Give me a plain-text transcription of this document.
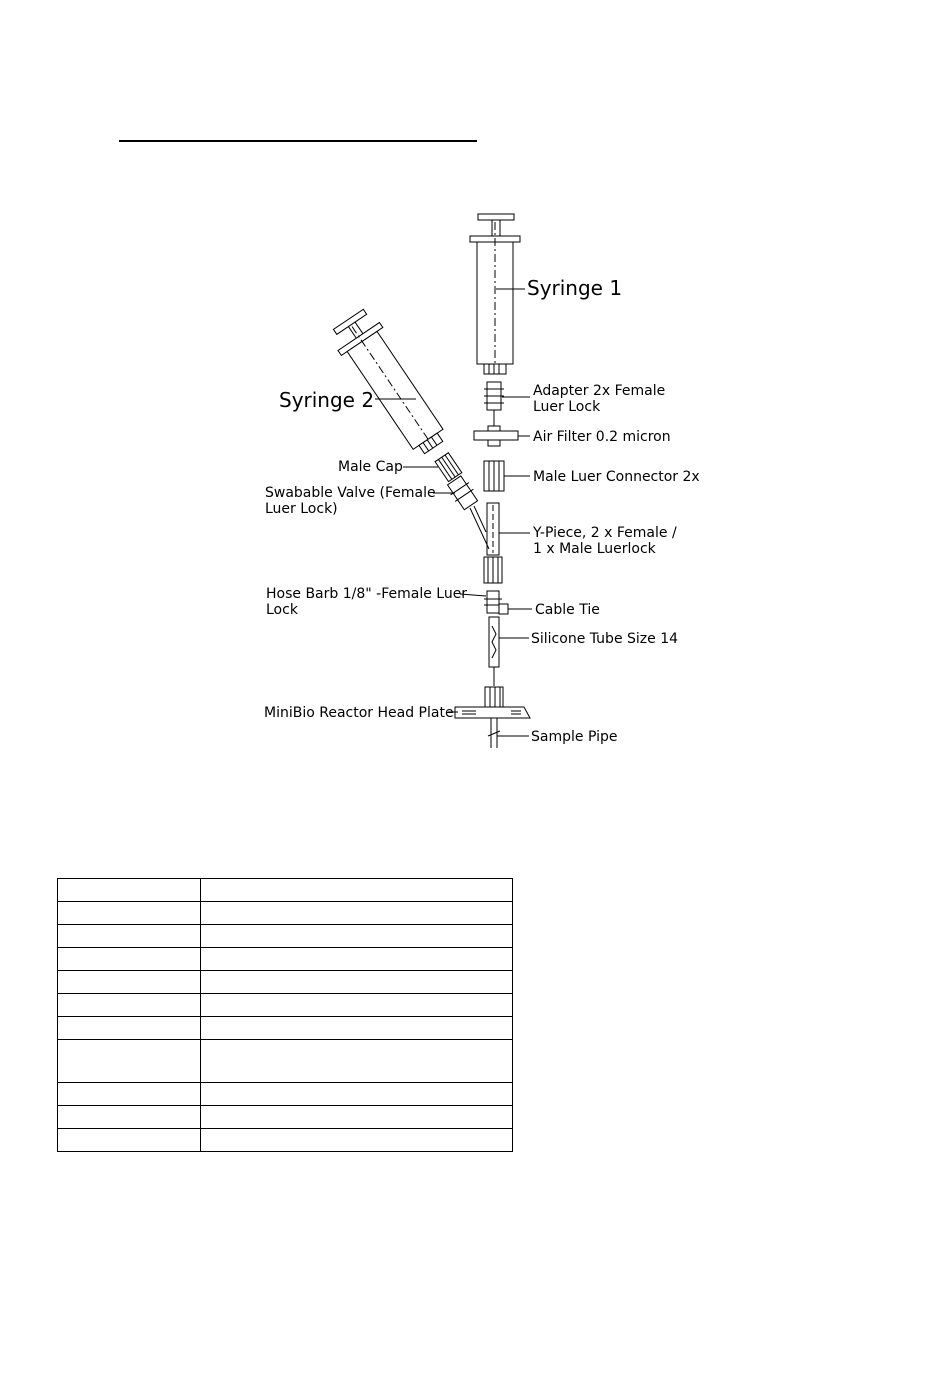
Syringe 1
Syringe 2	Adapter 2x Female
Luer Lock
Air Filter 0.2 micron
Male Cap
Male Luer Connector 2x
Swabable Valve (Female
Luer Lock)
Y-Piece, 2 x Female /
1 x Male Luerlock
Hose Barb 1/8" -Female Luer
Lock	Cable Tie
Silicone Tube Size 14
MiniBio Reactor Head Plate
Sample Pipe
